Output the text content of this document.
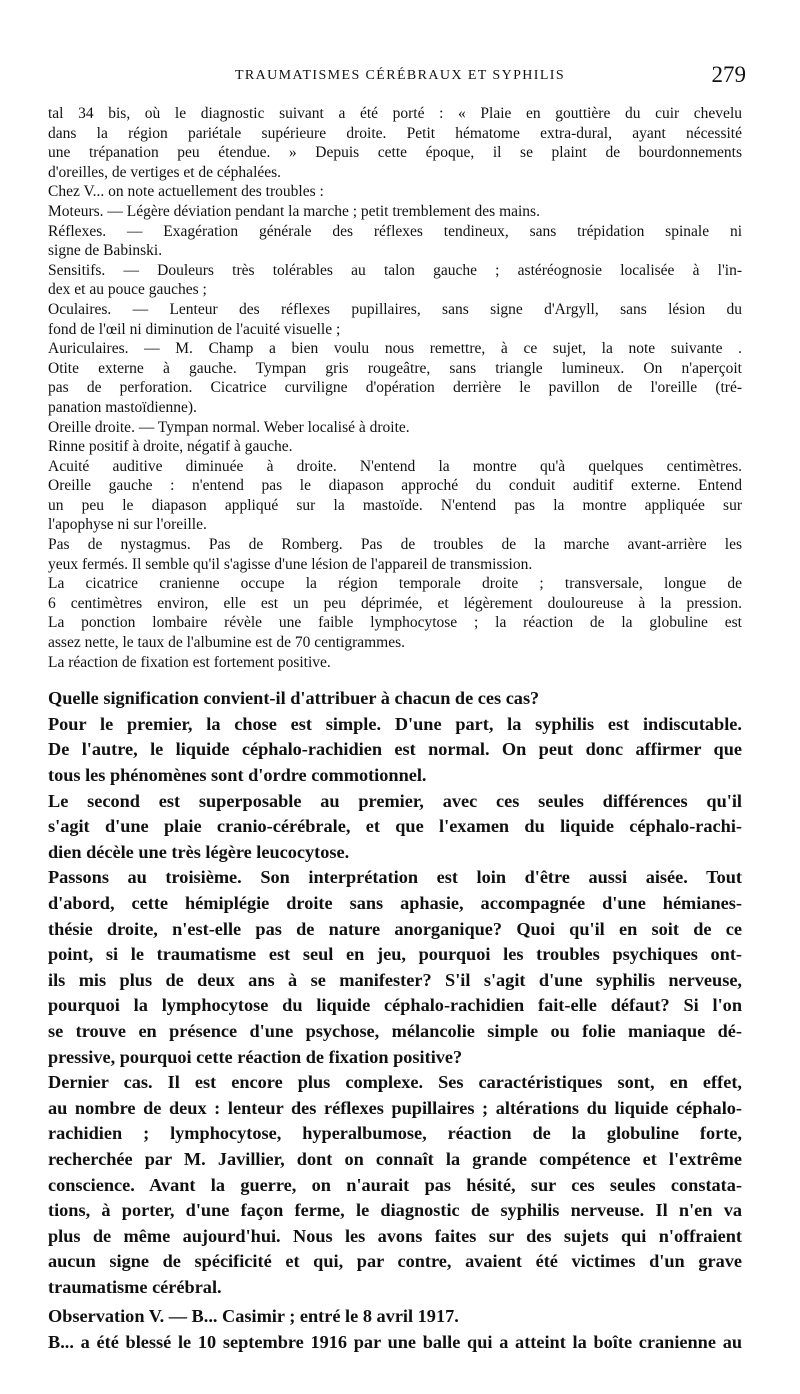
TRAUMATISMES CÉRÉBRAUX ET SYPHILIS	279
tal 34 bis, où le diagnostic suivant a été porté : « Plaie en gouttière du cuir chevelu
dans la région pariétale supérieure droite. Petit hématome extra-dural, ayant nécessité
une trépanation peu étendue. » Depuis cette époque, il se plaint de bourdonnements
d'oreilles, de vertiges et de céphalées.
Chez V... on note actuellement des troubles :
Moteurs. — Légère déviation pendant la marche ; petit tremblement des mains.
Réflexes. — Exagération générale des réflexes tendineux, sans trépidation spinale ni
signe de Babinski.
Sensitifs. — Douleurs très tolérables au talon gauche ; astéréognosie localisée à l'in-
dex et au pouce gauches ;
Oculaires. — Lenteur des réflexes pupillaires, sans signe d'Argyll, sans lésion du
fond de l'œil ni diminution de l'acuité visuelle ;
Auriculaires. — M. Champ a bien voulu nous remettre, à ce sujet, la note suivante .
Otite externe à gauche. Tympan gris rougeâtre, sans triangle lumineux. On n'aperçoit
pas de perforation. Cicatrice curviligne d'opération derrière le pavillon de l'oreille (tré-
panation mastoïdienne).
Oreille droite. — Tympan normal. Weber localisé à droite.
Rinne positif à droite, négatif à gauche.
Acuité auditive diminuée à droite. N'entend la montre qu'à quelques centimètres.
Oreille gauche : n'entend pas le diapason approché du conduit auditif externe. Entend
un peu le diapason appliqué sur la mastoïde. N'entend pas la montre appliquée sur
l'apophyse ni sur l'oreille.
Pas de nystagmus. Pas de Romberg. Pas de troubles de la marche avant-arrière les
yeux fermés. Il semble qu'il s'agisse d'une lésion de l'appareil de transmission.
La cicatrice cranienne occupe la région temporale droite ; transversale, longue de
6 centimètres environ, elle est un peu déprimée, et légèrement douloureuse à la pression.
La ponction lombaire révèle une faible lymphocytose ; la réaction de la globuline est
assez nette, le taux de l'albumine est de 70 centigrammes.
La réaction de fixation est fortement positive.
Quelle signification convient-il d'attribuer à chacun de ces cas?
Pour le premier, la chose est simple. D'une part, la syphilis est indiscutable.
De l'autre, le liquide céphalo-rachidien est normal. On peut donc affirmer que
tous les phénomènes sont d'ordre commotionnel.
Le second est superposable au premier, avec ces seules différences qu'il
s'agit d'une plaie cranio-cérébrale, et que l'examen du liquide céphalo-rachi-
dien décèle une très légère leucocytose.
Passons au troisième. Son interprétation est loin d'être aussi aisée. Tout
d'abord, cette hémiplégie droite sans aphasie, accompagnée d'une hémianes-
thésie droite, n'est-elle pas de nature anorganique? Quoi qu'il en soit de ce
point, si le traumatisme est seul en jeu, pourquoi les troubles psychiques ont-
ils mis plus de deux ans à se manifester? S'il s'agit d'une syphilis nerveuse,
pourquoi la lymphocytose du liquide céphalo-rachidien fait-elle défaut? Si l'on
se trouve en présence d'une psychose, mélancolie simple ou folie maniaque dé-
pressive, pourquoi cette réaction de fixation positive?
Dernier cas. Il est encore plus complexe. Ses caractéristiques sont, en effet,
au nombre de deux : lenteur des réflexes pupillaires ; altérations du liquide céphalo-
rachidien ; lymphocytose, hyperalbumose, réaction de la globuline forte,
recherchée par M. Javillier, dont on connaît la grande compétence et l'extrême
conscience. Avant la guerre, on n'aurait pas hésité, sur ces seules constata-
tions, à porter, d'une façon ferme, le diagnostic de syphilis nerveuse. Il n'en va
plus de même aujourd'hui. Nous les avons faites sur des sujets qui n'offraient
aucun signe de spécificité et qui, par contre, avaient été victimes d'un grave
traumatisme cérébral.
Observation V. — B... Casimir ; entré le 8 avril 1917.
B... a été blessé le 10 septembre 1916 par une balle qui a atteint la boîte cranienne au
